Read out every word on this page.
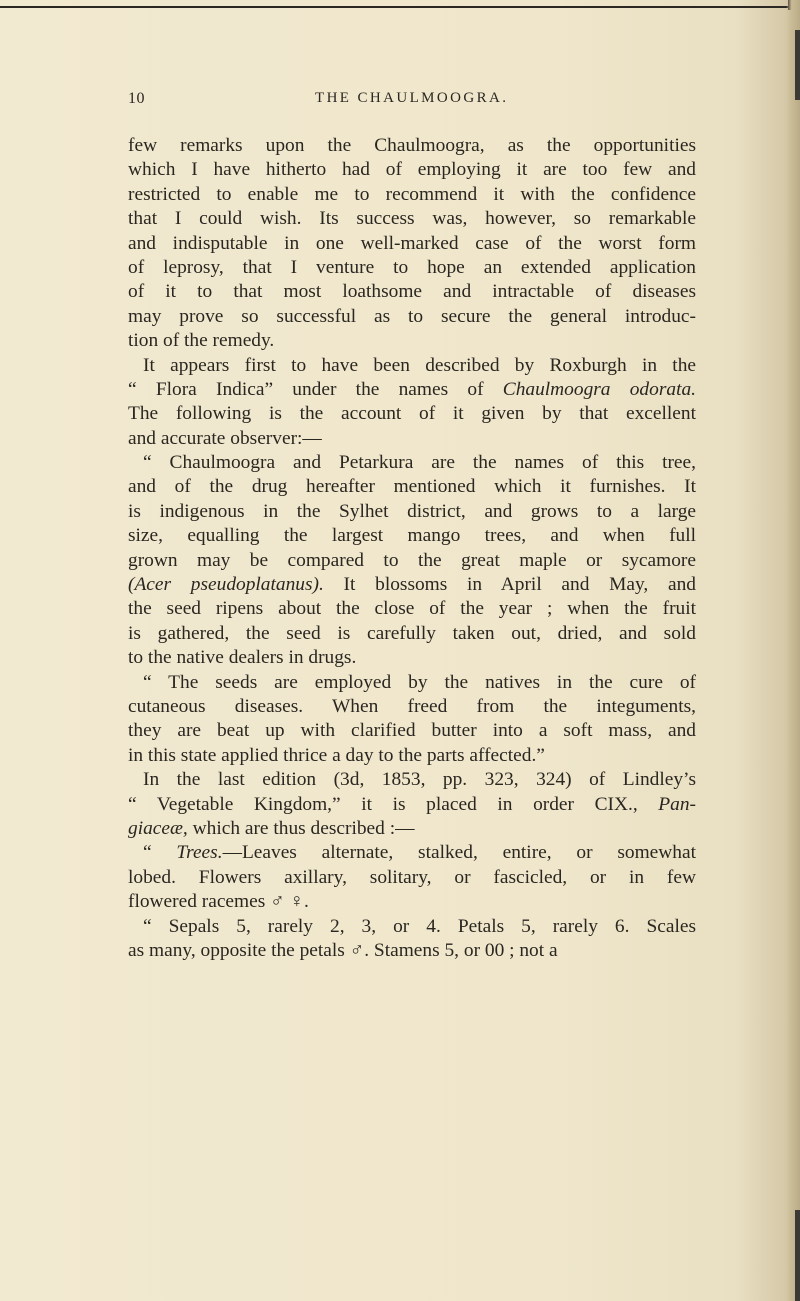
10	THE CHAULMOOGRA.
few remarks upon the Chaulmoogra, as the opportunities
which I have hitherto had of employing it are too few and
restricted to enable me to recommend it with the confidence
that I could wish. Its success was, however, so remarkable
and indisputable in one well-marked case of the worst form
of leprosy, that I venture to hope an extended application
of it to that most loathsome and intractable of diseases
may prove so successful as to secure the general introduc-
tion of the remedy.
It appears first to have been described by Roxburgh in the
“ Flora Indica” under the names of Chaulmoogra odorata.
The following is the account of it given by that excellent
and accurate observer:—
“ Chaulmoogra and Petarkura are the names of this tree,
and of the drug hereafter mentioned which it furnishes. It
is indigenous in the Sylhet district, and grows to a large
size, equalling the largest mango trees, and when full
grown may be compared to the great maple or sycamore
(Acer pseudoplatanus). It blossoms in April and May, and
the seed ripens about the close of the year ; when the fruit
is gathered, the seed is carefully taken out, dried, and sold
to the native dealers in drugs.
“ The seeds are employed by the natives in the cure of
cutaneous diseases. When freed from the integuments,
they are beat up with clarified butter into a soft mass, and
in this state applied thrice a day to the parts affected.”
In the last edition (3d, 1853, pp. 323, 324) of Lindley’s
“ Vegetable Kingdom,” it is placed in order CIX., Pan-
giaceæ, which are thus described :—
“ Trees.—Leaves alternate, stalked, entire, or somewhat
lobed. Flowers axillary, solitary, or fascicled, or in few
flowered racemes ♂ ♀.
“ Sepals 5, rarely 2, 3, or 4. Petals 5, rarely 6. Scales
as many, opposite the petals ♂. Stamens 5, or 00 ; not a
